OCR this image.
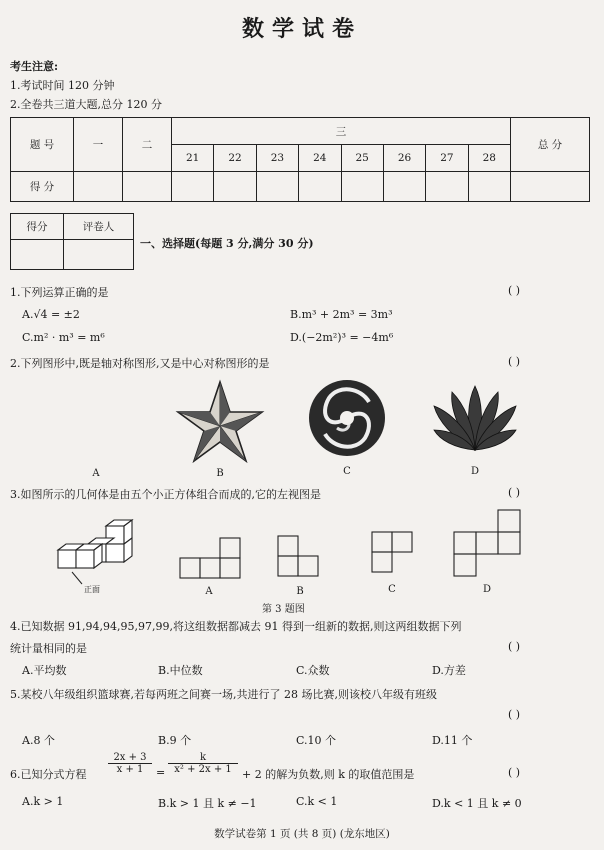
数学试卷
考生注意:
1.考试时间 120 分钟
2.全卷共三道大题,总分 120 分
题 号	一	二	三								总 分
			21	22	23	24	25	26	27	28	
得 分											
得分	评卷人

一、选择题(每题 3 分,满分 30 分)
1.下列运算正确的是	( )
A.√4 = ±2	B.m³ + 2m³ = 3m³
C.m² · m³ = m⁶	D.(−2m²)³ = −4m⁶
2.下列图形中,既是轴对称图形,又是中心对称图形的是	( )
A	B	C	D
3.如图所示的几何体是由五个小正方体组合而成的,它的左视图是	( )
正面	A	B	C	D
第 3 题图
4.已知数据 91,94,94,95,97,99,将这组数据都减去 91 得到一组新的数据,则这两组数据下列
统计量相同的是	( )
A.平均数	B.中位数	C.众数	D.方差
5.某校八年级组织篮球赛,若每两班之间赛一场,共进行了 28 场比赛,则该校八年级有班级
( )
A.8 个	B.9 个	C.10 个	D.11 个
6.已知分式方程 $\frac{2x + 3}{x + 1} = \frac{k}{\text{x² + 2x + 1}} + 2$ 的解为负数,则 k 的取值范围是	( )
A.k > 1	B.k > 1 且 k ≠ −1	C.k < 1	D.k < 1 且 k ≠ 0
数学试卷第 1 页 (共 8 页) (龙东地区)
